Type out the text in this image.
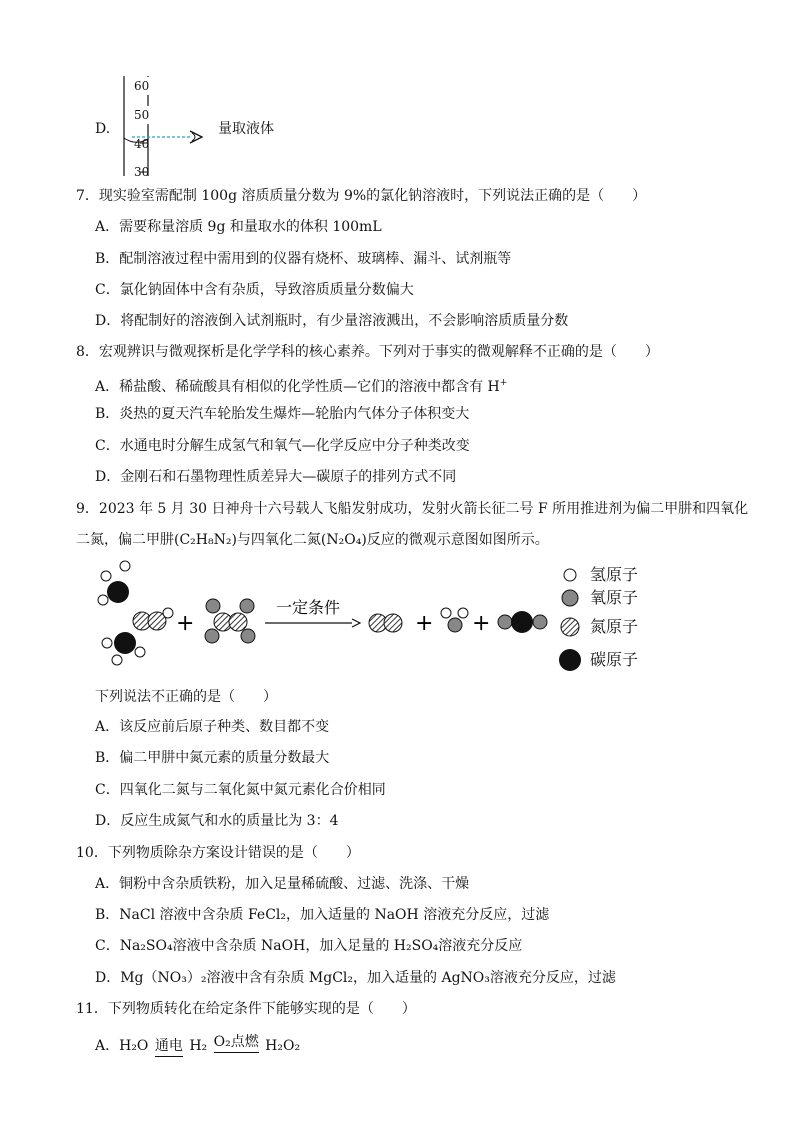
D.
60
50
40
30
量取液体
7．现实验室需配制 100g 溶质质量分数为 9%的氯化钠溶液时，下列说法正确的是（　　）
A．需要称量溶质 9g 和量取水的体积 100mL
B．配制溶液过程中需用到的仪器有烧杯、玻璃棒、漏斗、试剂瓶等
C．氯化钠固体中含有杂质，导致溶质质量分数偏大
D．将配制好的溶液倒入试剂瓶时，有少量溶液溅出，不会影响溶质质量分数
8．宏观辨识与微观探析是化学学科的核心素养。下列对于事实的微观解释不正确的是（　　）
A．稀盐酸、稀硫酸具有相似的化学性质—它们的溶液中都含有 H+
B．炎热的夏天汽车轮胎发生爆炸—轮胎内气体分子体积变大
C．水通电时分解生成氢气和氧气—化学反应中分子种类改变
D．金刚石和石墨物理性质差异大—碳原子的排列方式不同
9．2023 年 5 月 30 日神舟十六号载人飞船发射成功，发射火箭长征二号 F 所用推进剂为偏二甲肼和四氧化
二氮，偏二甲肼(C₂H₈N₂)与四氧化二氮(N₂O₄)反应的微观示意图如图所示。
+
一定条件
+ +
氢原子
氧原子
氮原子
碳原子
下列说法不正确的是（　　）
A．该反应前后原子种类、数目都不变
B．偏二甲肼中氮元素的质量分数最大
C．四氧化二氮与二氧化氮中氮元素化合价相同
D．反应生成氮气和水的质量比为 3：4
10．下列物质除杂方案设计错误的是（　　）
A．铜粉中含杂质铁粉，加入足量稀硫酸、过滤、洗涤、干燥
B．NaCl 溶液中含杂质 FeCl₂，加入适量的 NaOH 溶液充分反应，过滤
C．Na₂SO₄溶液中含杂质 NaOH，加入足量的 H₂SO₄溶液充分反应
D．Mg（NO₃）₂溶液中含有杂质 MgCl₂，加入适量的 AgNO₃溶液充分反应，过滤
11．下列物质转化在给定条件下能够实现的是（　　）
A．H₂O 通电 H₂ O₂点燃 H₂O₂
